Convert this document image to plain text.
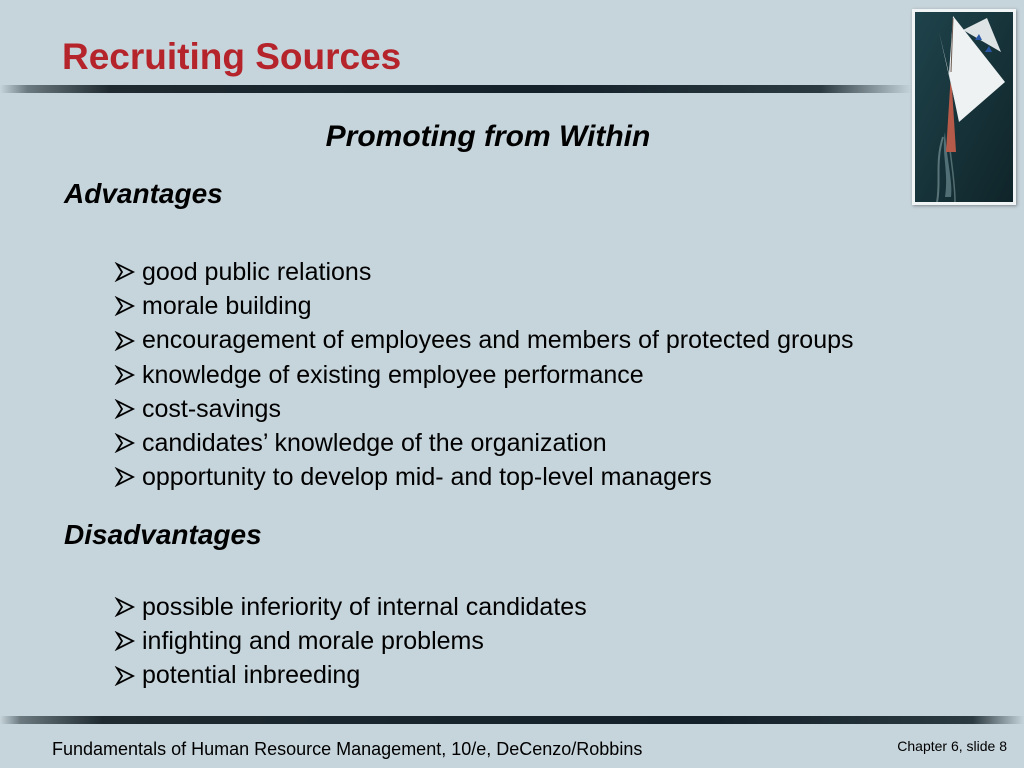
Recruiting Sources
Promoting from Within
Advantages
good public relations
morale building
encouragement of employees and members of protected groups
knowledge of existing employee performance
cost-savings
candidates’ knowledge of the organization
opportunity to develop mid- and top-level managers
Disadvantages
possible inferiority of internal candidates
infighting and morale problems
potential inbreeding
Fundamentals of Human Resource Management, 10/e, DeCenzo/Robbins	Chapter 6, slide 8
